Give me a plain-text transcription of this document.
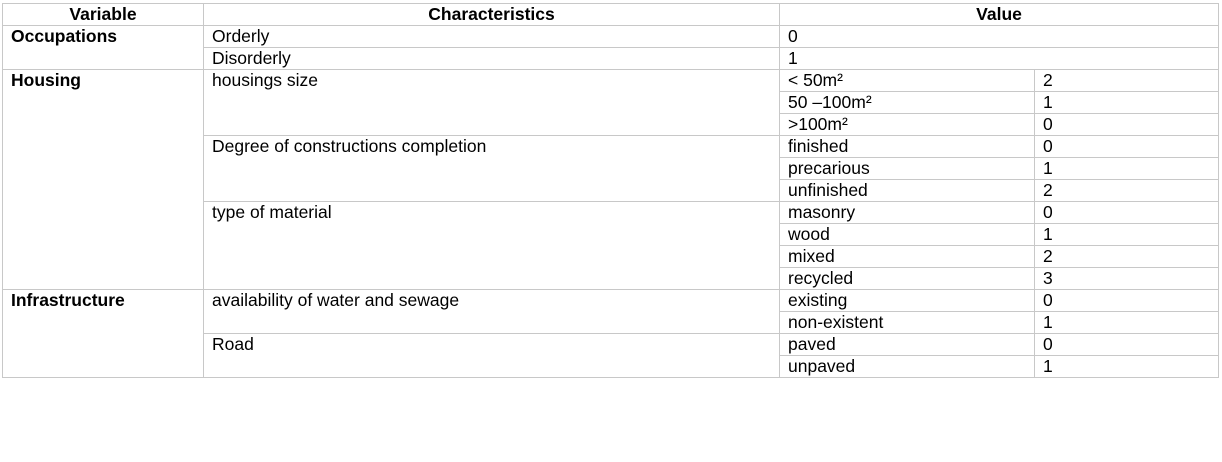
Variable	Characteristics	Value	
Occupations	Orderly	0	
	Disorderly	1	
Housing	housings size	< 50m²	2
		50 –100m²	1
		>100m²	0
	Degree of constructions completion	finished	0
		precarious	1
		unfinished	2
	type of material	masonry	0
		wood	1
		mixed	2
		recycled	3
Infrastructure	availability of water and sewage	existing	0
		non-existent	1
	Road	paved	0
		unpaved	1
